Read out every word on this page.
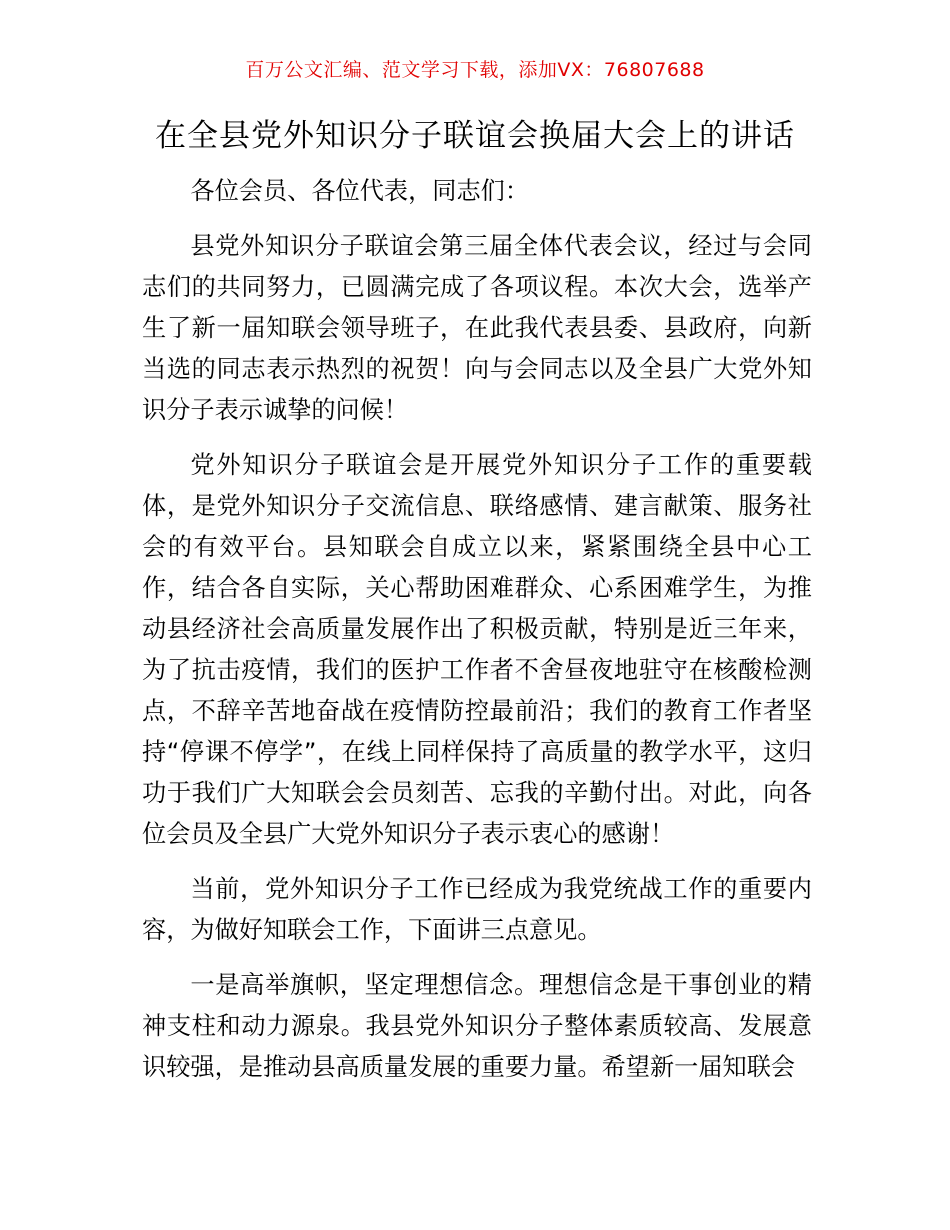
百万公文汇编、范文学习下载，添加VX：76807688
在全县党外知识分子联谊会换届大会上的讲话

各位会员、各位代表，同志们：

县党外知识分子联谊会第三届全体代表会议，经过与会同志们的共同努力，已圆满完成了各项议程。本次大会，选举产生了新一届知联会领导班子，在此我代表县委、县政府，向新当选的同志表示热烈的祝贺！向与会同志以及全县广大党外知识分子表示诚挚的问候！

党外知识分子联谊会是开展党外知识分子工作的重要载体，是党外知识分子交流信息、联络感情、建言献策、服务社会的有效平台。县知联会自成立以来，紧紧围绕全县中心工作，结合各自实际，关心帮助困难群众、心系困难学生，为推动县经济社会高质量发展作出了积极贡献，特别是近三年来，为了抗击疫情，我们的医护工作者不舍昼夜地驻守在核酸检测点，不辞辛苦地奋战在疫情防控最前沿；我们的教育工作者坚持“停课不停学”，在线上同样保持了高质量的教学水平，这归功于我们广大知联会会员刻苦、忘我的辛勤付出。对此，向各位会员及全县广大党外知识分子表示衷心的感谢！

当前，党外知识分子工作已经成为我党统战工作的重要内容，为做好知联会工作，下面讲三点意见。

一是高举旗帜，坚定理想信念。理想信念是干事创业的精神支柱和动力源泉。我县党外知识分子整体素质较高、发展意识较强，是推动县高质量发展的重要力量。希望新一届知联会
